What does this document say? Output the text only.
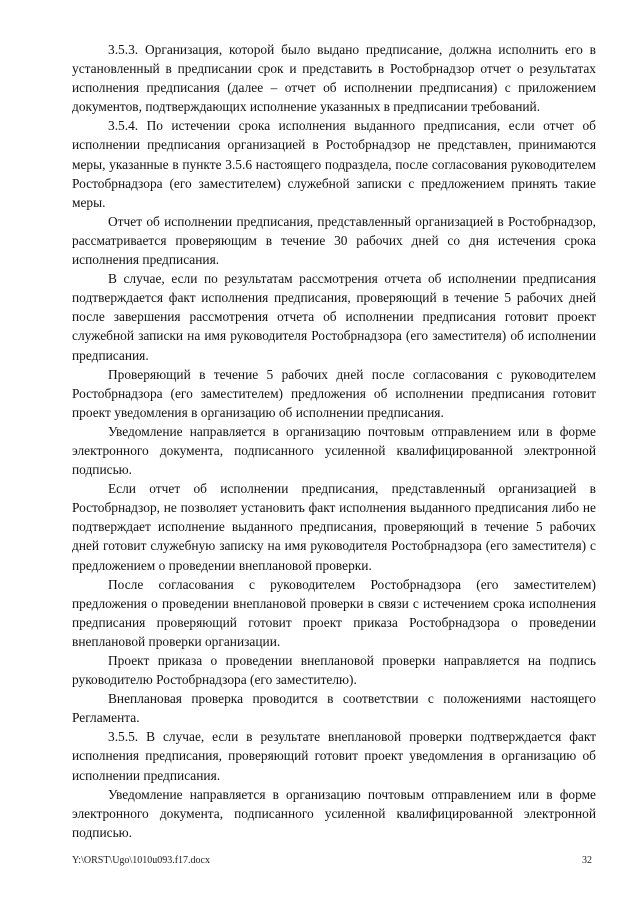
3.5.3. Организация, которой было выдано предписание, должна исполнить его в установленный в предписании срок и представить в Ростобрнадзор отчет о результатах исполнения предписания (далее – отчет об исполнении предписания) с приложением документов, подтверждающих исполнение указанных в предписании требований.

3.5.4. По истечении срока исполнения выданного предписания, если отчет об исполнении предписания организацией в Ростобрнадзор не представлен, принимаются меры, указанные в пункте 3.5.6 настоящего подраздела, после согласования руководителем Ростобрнадзора (его заместителем) служебной записки с предложением принять такие меры.

Отчет об исполнении предписания, представленный организацией в Ростобрнадзор, рассматривается проверяющим в течение 30 рабочих дней со дня истечения срока исполнения предписания.

В случае, если по результатам рассмотрения отчета об исполнении предписания подтверждается факт исполнения предписания, проверяющий в течение 5 рабочих дней после завершения рассмотрения отчета об исполнении предписания готовит проект служебной записки на имя руководителя Ростобрнадзора (его заместителя) об исполнении предписания.

Проверяющий в течение 5 рабочих дней после согласования с руководителем Ростобрнадзора (его заместителем) предложения об исполнении предписания готовит проект уведомления в организацию об исполнении предписания.

Уведомление направляется в организацию почтовым отправлением или в форме электронного документа, подписанного усиленной квалифицированной электронной подписью.

Если отчет об исполнении предписания, представленный организацией в Ростобрнадзор, не позволяет установить факт исполнения выданного предписания либо не подтверждает исполнение выданного предписания, проверяющий в течение 5 рабочих дней готовит служебную записку на имя руководителя Ростобрнадзора (его заместителя) с предложением о проведении внеплановой проверки.

После согласования с руководителем Ростобрнадзора (его заместителем) предложения о проведении внеплановой проверки в связи с истечением срока исполнения предписания проверяющий готовит проект приказа Ростобрнадзора о проведении внеплановой проверки организации.

Проект приказа о проведении внеплановой проверки направляется на подпись руководителю Ростобрнадзора (его заместителю).

Внеплановая проверка проводится в соответствии с положениями настоящего Регламента.

3.5.5. В случае, если в результате внеплановой проверки подтверждается факт исполнения предписания, проверяющий готовит проект уведомления в организацию об исполнении предписания.

Уведомление направляется в организацию почтовым отправлением или в форме электронного документа, подписанного усиленной квалифицированной электронной подписью.

Y:\ORST\Ugo\1010u093.f17.docx	32
